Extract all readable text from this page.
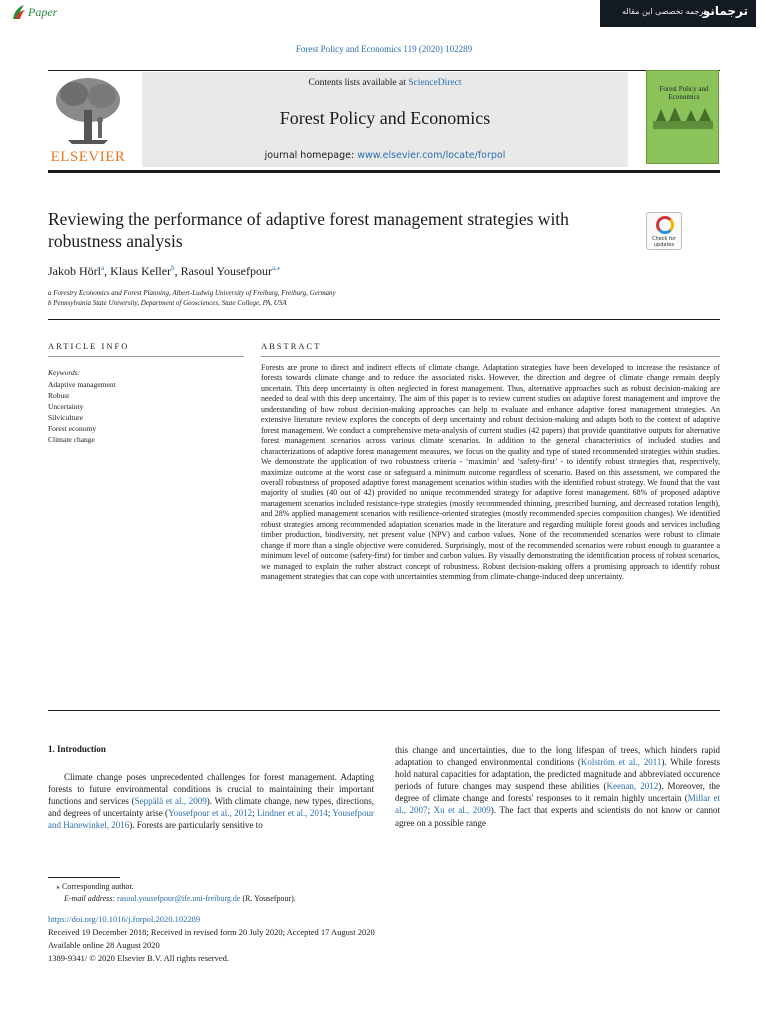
Paper	ترجمه تخصصی این مقاله
ترجمانو
Forest Policy and Economics 119 (2020) 102289
ELSEVIER
Contents lists available at ScienceDirect
Forest Policy and Economics
journal homepage: www.elsevier.com/locate/forpol
Forest Policy and Economics
Reviewing the performance of adaptive forest management strategies with robustness analysis	Check for updates
Jakob Hörl$^a$, Klaus Keller$^b$, Rasoul Yousefpour$^{a,⁎}$
a Forestry Economics and Forest Planning, Albert-Ludwig University of Freiburg, Freiburg, Germany
b Pennsylvania State University, Department of Geosciences, State College, PA, USA
ARTICLE INFO
Keywords:
Adaptive management
Robust
Uncertainty
Silviculture
Forest economy
Climate change
ABSTRACT
Forests are prone to direct and indirect effects of climate change. Adaptation strategies have been developed to increase the resistance of forests towards climate change and to reduce the associated risks. However, the direction and degree of climate change remain deeply uncertain. This deep uncertainty is often neglected in forest management. Thus, alternative approaches such as robust decision-making are needed to deal with this deep uncertainty. The aim of this paper is to review current studies on adaptive forest management and improve the understanding of how robust decision-making approaches can help to evaluate and enhance adaptive forest management strategies. An extensive literature review explores the concepts of deep uncertainty and robust decision-making and adapts both to the context of adaptive forest management. We conduct a comprehensive meta-analysis of current studies (42 papers) that provide quantitative outputs for alternative forest management scenarios across various climate scenarios. In addition to the general characteristics of included studies and characterizations of adaptive forest management measures, we focus on the quality and type of stated recommended strategies within studies. We demonstrate the application of two robustness criteria - ‘maximin’ and ‘safety-first’ - to identify robust strategies that, respectively, maximize outcome at the worst case or safeguard a minimum outcome regardless of scenario. Based on this assessment, we compared the overall robustness of proposed adaptive forest management scenarios within studies with the identified robust strategy. We found that the vast majority of studies (40 out of 42) provided no unique recommended strategy for adaptive forest management. 68% of proposed adaptive management scenarios included resistance-type strategies (mostly recommended thinning, prescribed burning, and decreased rotation length), and 28% applied management scenarios with resilience-oriented strategies (mostly recommended species composition changes). We identified robust strategies among recommended adaptation scenarios made in the literature and regarding multiple forest goods and services including timber production, biodiversity, net present value (NPV) and carbon values. None of the recommended scenarios were robust to climate change if more than a single objective were considered. Surprisingly, most of the recommended scenarios were robust enough to guarantee a minimum level of outcome (safety-first) for timber and carbon values. By visually demonstrating the identification process of robust scenarios, we managed to explain the rather abstract concept of robustness. Robust decision-making offers a promising approach to identify robust management strategies that can cope with uncertainties stemming from climate-change-induced deep uncertainty.
1. Introduction
Climate change poses unprecedented challenges for forest management. Adapting forests to future environmental conditions is crucial to maintaining their important functions and services (Seppälä et al., 2009). With climate change, new types, directions, and degrees of uncertainty arise (Yousefpour et al., 2012; Lindner et al., 2014; Yousefpour and Hanewinkel, 2016). Forests are particularly sensitive to
this change and uncertainties, due to the long lifespan of trees, which hinders rapid adaptation to changed environmental conditions (Kolström et al., 2011). While forests hold natural capacities for adaptation, the predicted magnitude and abbreviated occurence periods of future changes may suspend these abilities (Keenan, 2012). Moreover, the degree of climate change and forests' responses to it remain highly uncertain (Millar et al., 2007; Xu et al., 2009). The fact that experts and scientists do not know or cannot agree on a possible range
⁎ Corresponding author.
E-mail address: rasoul.yousefpour@ife.uni-freiburg.de (R. Yousefpour).
https://doi.org/10.1016/j.forpol.2020.102289
Received 19 December 2018; Received in revised form 20 July 2020; Accepted 17 August 2020
Available online 28 August 2020
1389-9341/ © 2020 Elsevier B.V. All rights reserved.
